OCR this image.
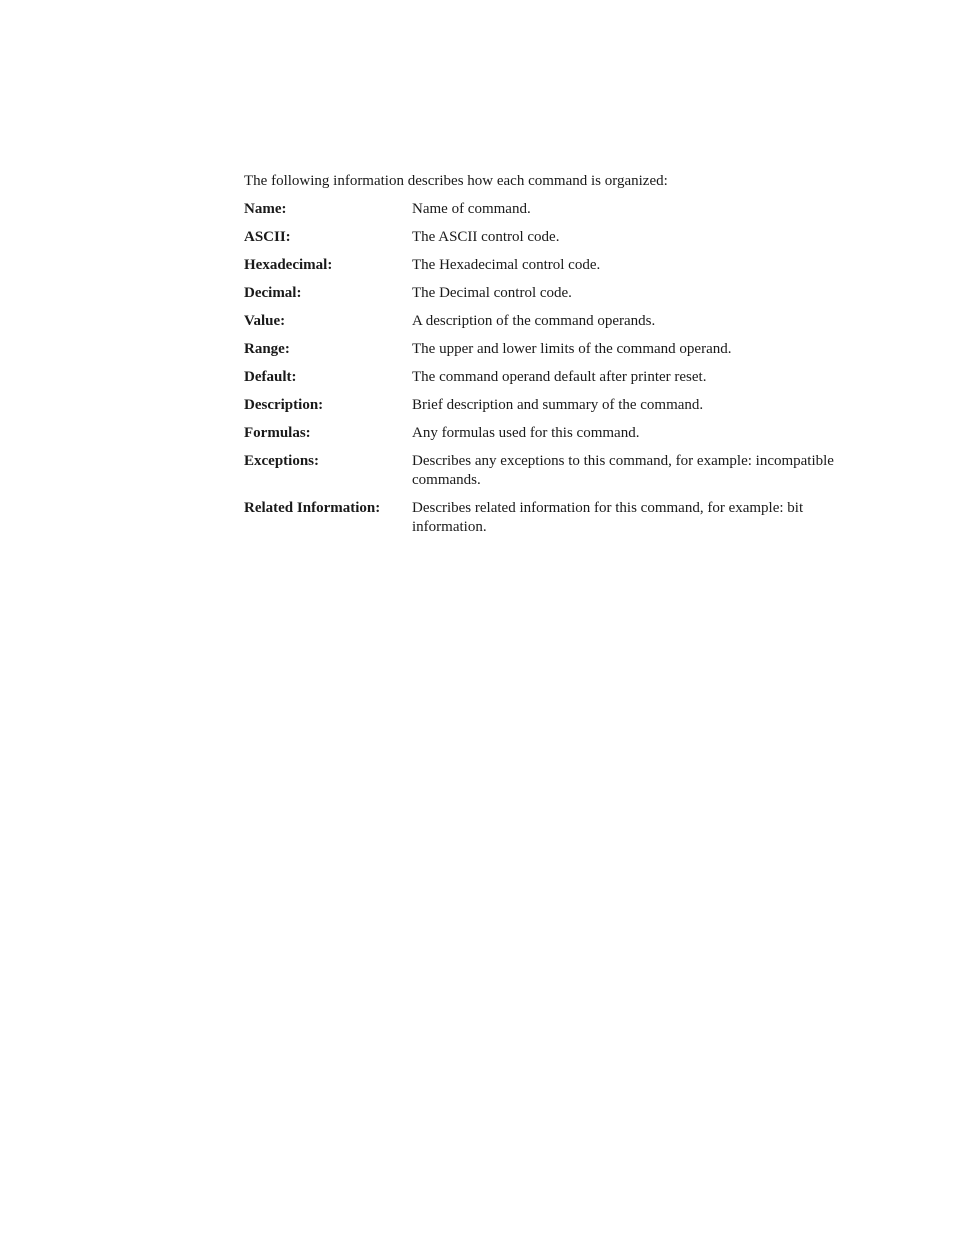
The following information describes how each command is organized:

Name:	Name of command.
ASCII:	The ASCII control code.
Hexadecimal:	The Hexadecimal control code.
Decimal:	The Decimal control code.
Value:	A description of the command operands.
Range:	The upper and lower limits of the command operand.
Default:	The command operand default after printer reset.
Description:	Brief description and summary of the command.
Formulas:	Any formulas used for this command.
Exceptions:	Describes any exceptions to this command, for example: incompatible commands.
Related Information:	Describes related information for this command, for example: bit information.
